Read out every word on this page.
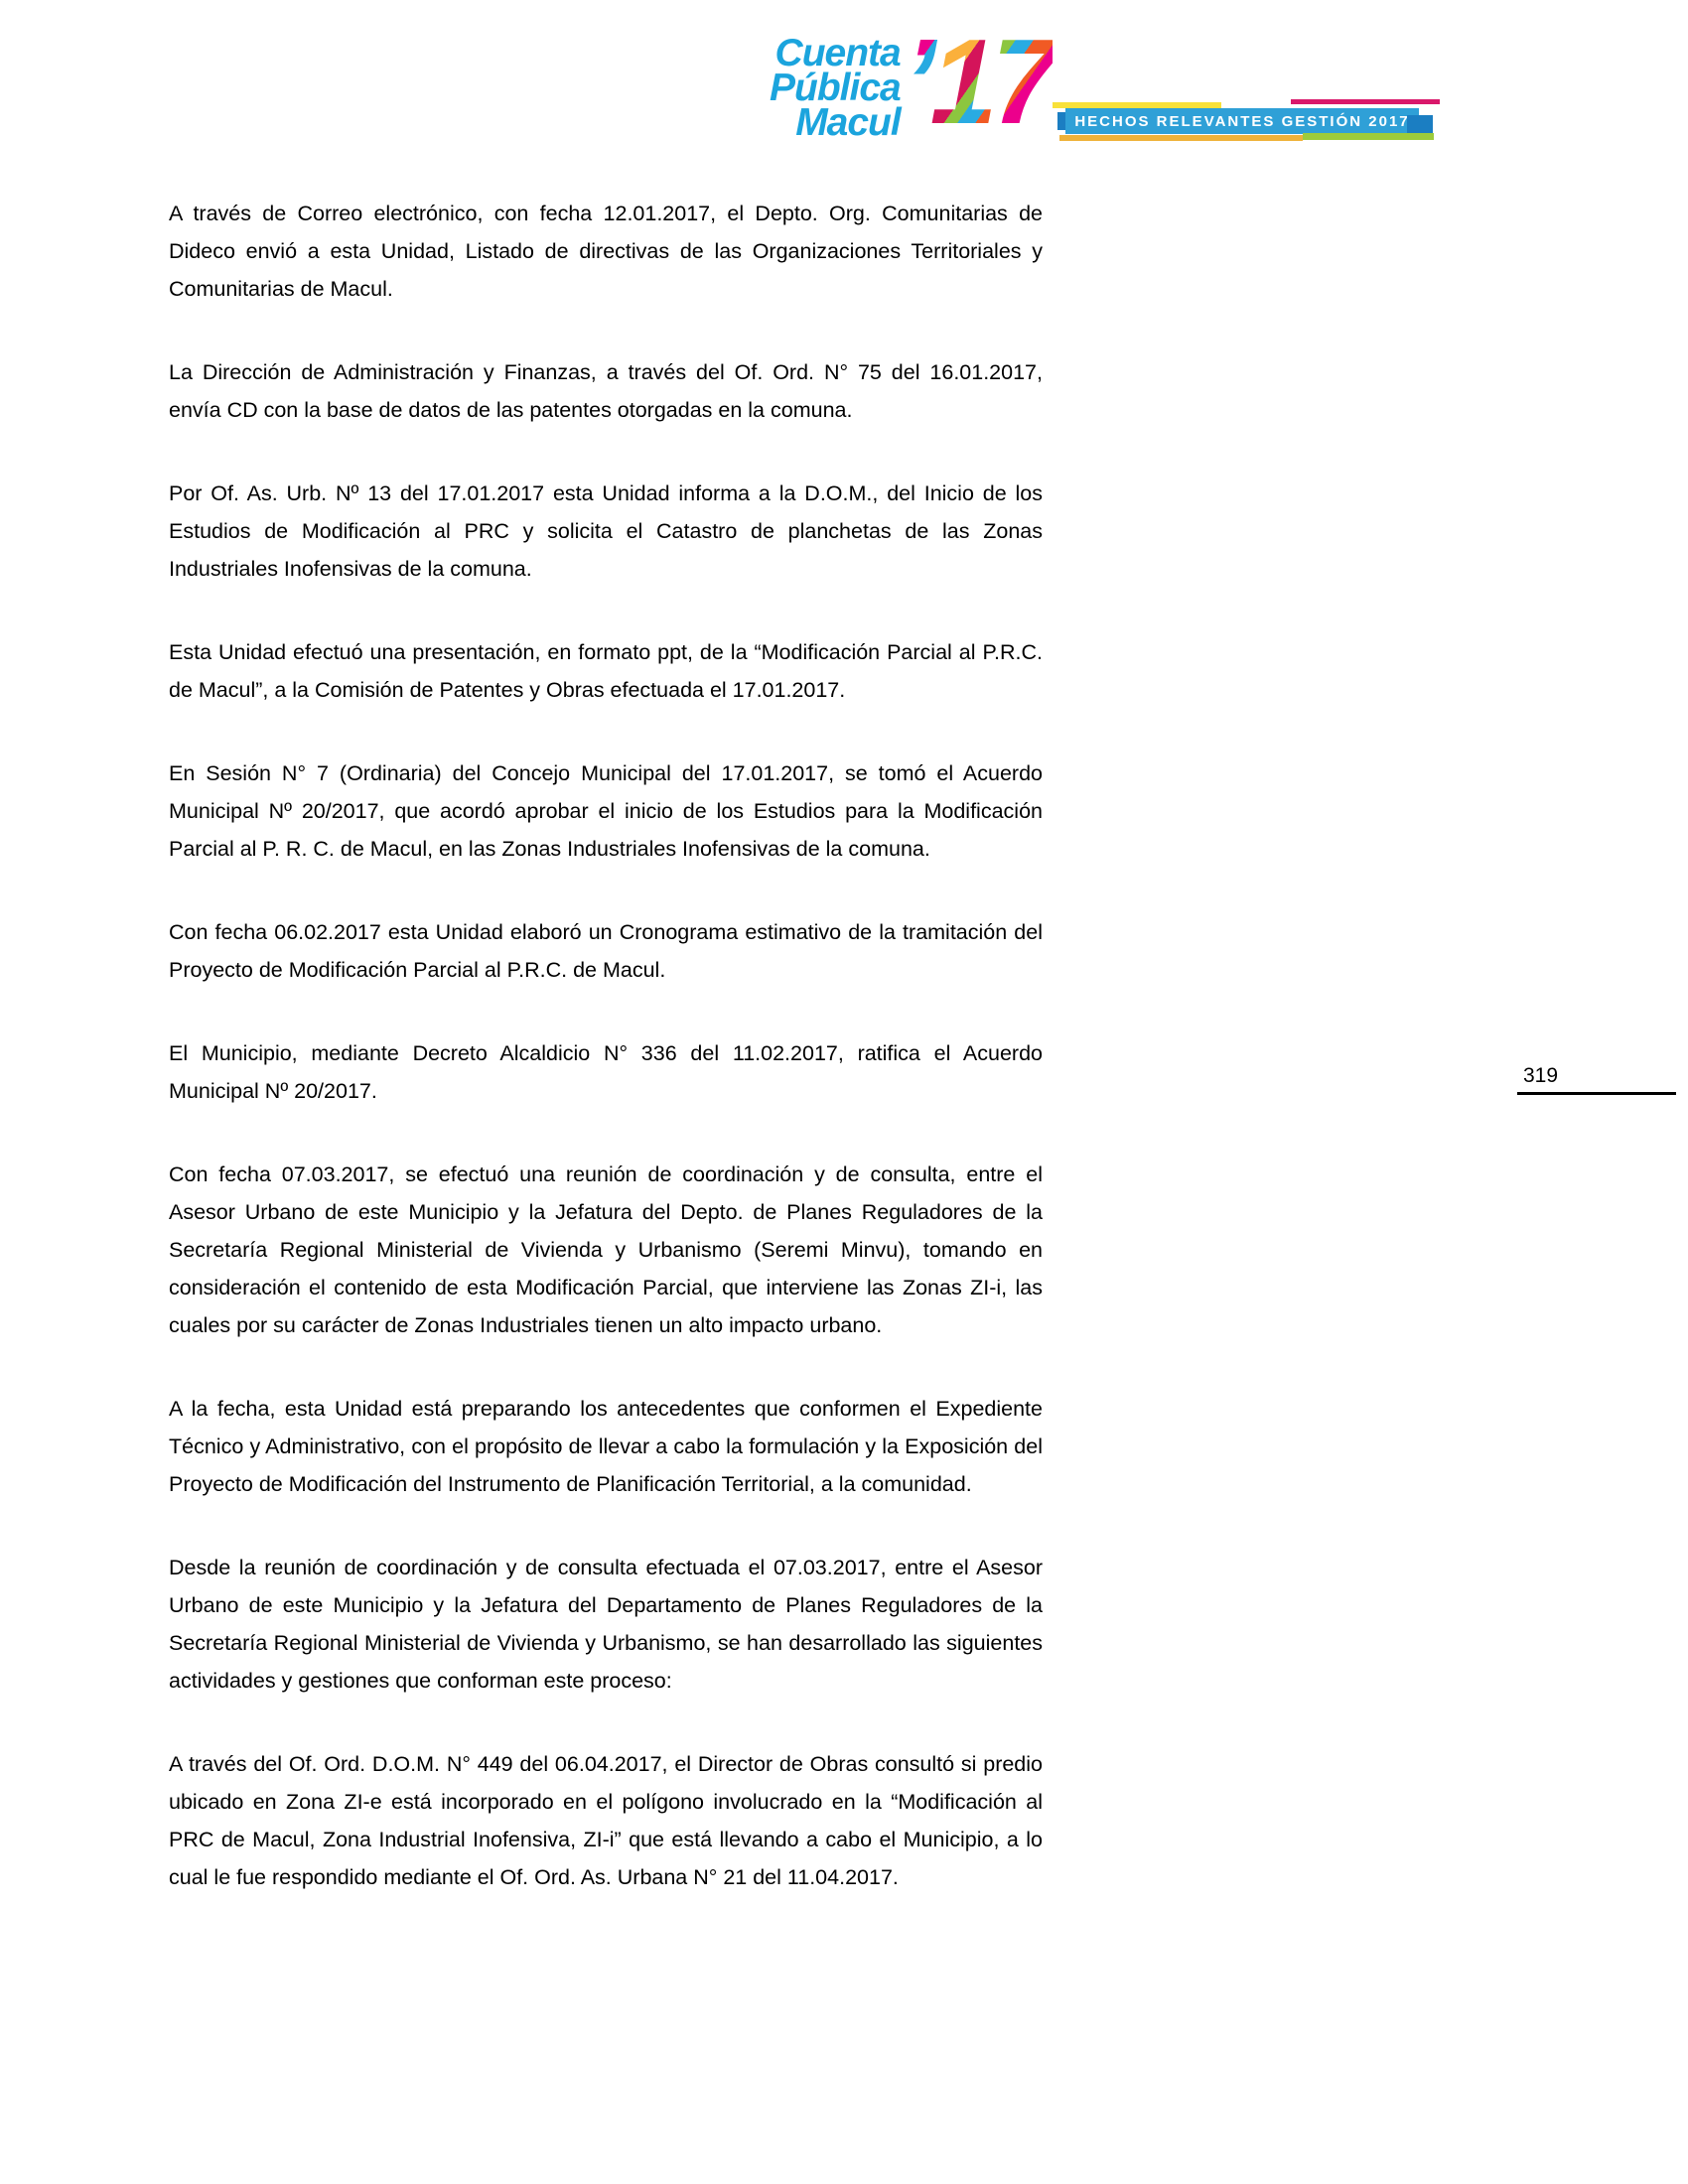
Cuenta
Pública
Macul ’17 HECHOS RELEVANTES GESTIÓN 2017

A través de Correo electrónico, con fecha 12.01.2017, el Depto. Org. Comunitarias de Dideco envió a esta Unidad, Listado de directivas de las Organizaciones Territoriales y Comunitarias de Macul.

La Dirección de Administración y Finanzas, a través del Of. Ord. N° 75 del 16.01.2017, envía CD con la base de datos de las patentes otorgadas en la comuna.

Por Of. As. Urb. Nº 13 del 17.01.2017 esta Unidad informa a la D.O.M., del Inicio de los Estudios de Modificación al PRC y solicita el Catastro de planchetas de las Zonas Industriales Inofensivas de la comuna.

Esta Unidad efectuó una presentación, en formato ppt, de la “Modificación Parcial al P.R.C. de Macul”, a la Comisión de Patentes y Obras efectuada el 17.01.2017.

En Sesión N° 7 (Ordinaria) del Concejo Municipal del 17.01.2017, se tomó el Acuerdo Municipal Nº 20/2017, que acordó aprobar el inicio de los Estudios para la Modificación Parcial al P. R. C. de Macul, en las Zonas Industriales Inofensivas de la comuna.

Con fecha 06.02.2017 esta Unidad elaboró un Cronograma estimativo de la tramitación del Proyecto de Modificación Parcial al P.R.C. de Macul.

El Municipio, mediante Decreto Alcaldicio N° 336 del 11.02.2017, ratifica el Acuerdo Municipal Nº 20/2017.

Con fecha 07.03.2017, se efectuó una reunión de coordinación y de consulta, entre el Asesor Urbano de este Municipio y la Jefatura del Depto. de Planes Reguladores de la Secretaría Regional Ministerial de Vivienda y Urbanismo (Seremi Minvu), tomando en consideración el contenido de esta Modificación Parcial, que interviene las Zonas ZI-i, las cuales por su carácter de Zonas Industriales tienen un alto impacto urbano.

A la fecha, esta Unidad está preparando los antecedentes que conformen el Expediente Técnico y Administrativo, con el propósito de llevar a cabo la formulación y la Exposición del Proyecto de Modificación del Instrumento de Planificación Territorial, a la comunidad.

Desde la reunión de coordinación y de consulta efectuada el 07.03.2017, entre el Asesor Urbano de este Municipio y la Jefatura del Departamento de Planes Reguladores de la Secretaría Regional Ministerial de Vivienda y Urbanismo, se han desarrollado las siguientes actividades y gestiones que conforman este proceso:

A través del Of. Ord. D.O.M. N° 449 del 06.04.2017, el Director de Obras consultó si predio ubicado en Zona ZI-e está incorporado en el polígono involucrado en la “Modificación al PRC de Macul, Zona Industrial Inofensiva, ZI-i” que está llevando a cabo el Municipio, a lo cual le fue respondido mediante el Of. Ord. As. Urbana N° 21 del 11.04.2017.

319
